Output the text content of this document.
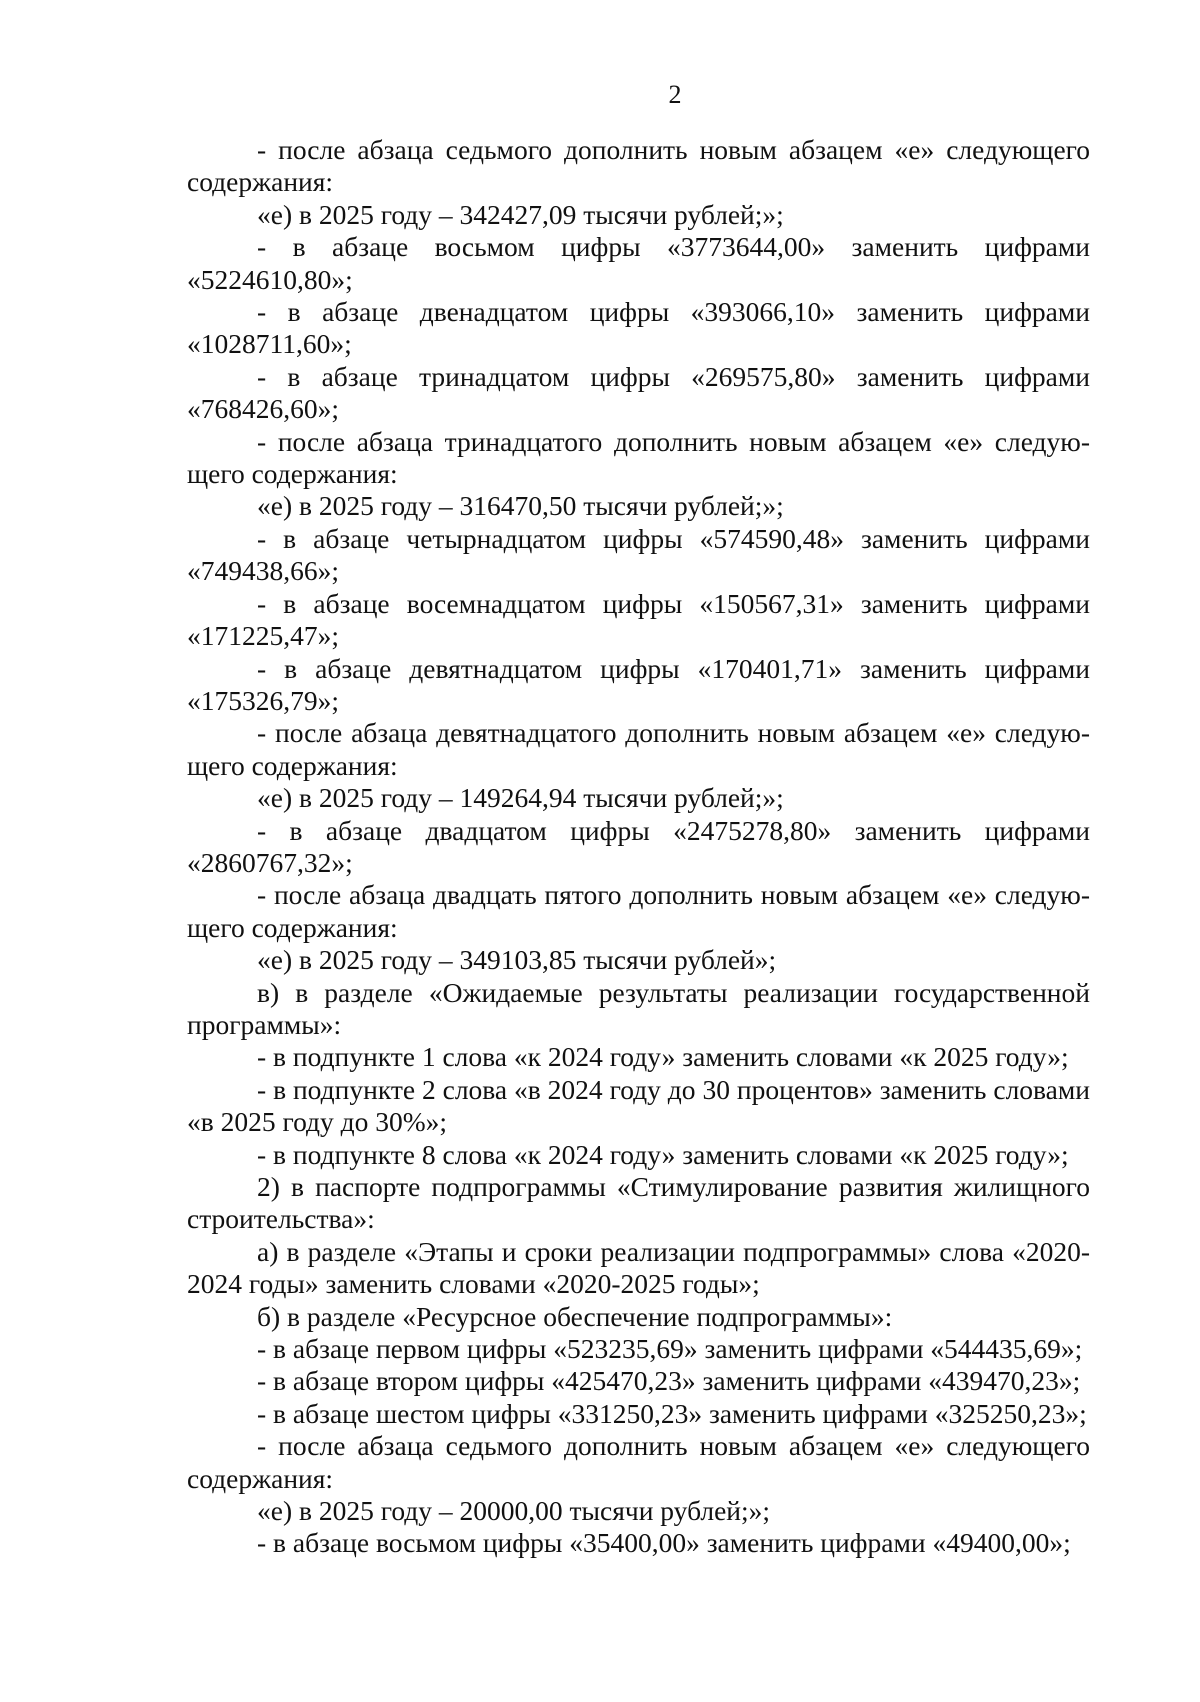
2

- после абзаца седьмого дополнить новым абзацем «е» следующего содержания:

«е) в 2025 году – 342427,09 тысячи рублей;»;

- в абзаце восьмом цифры «3773644,00» заменить цифрами «5224610,80»;

- в абзаце двенадцатом цифры «393066,10» заменить цифрами «1028711,60»;

- в абзаце тринадцатом цифры «269575,80» заменить цифрами «768426,60»;

- после абзаца тринадцатого дополнить новым абзацем «е» следующего содержания:

«е) в 2025 году – 316470,50 тысячи рублей;»;

- в абзаце четырнадцатом цифры «574590,48» заменить цифрами «749438,66»;

- в абзаце восемнадцатом цифры «150567,31» заменить цифрами «171225,47»;

- в абзаце девятнадцатом цифры «170401,71» заменить цифрами «175326,79»;

- после абзаца девятнадцатого дополнить новым абзацем «е» следующего содержания:

«е) в 2025 году – 149264,94 тысячи рублей;»;

- в абзаце двадцатом цифры «2475278,80» заменить цифрами «2860767,32»;

- после абзаца двадцать пятого дополнить новым абзацем «е» следующего содержания:

«е) в 2025 году – 349103,85 тысячи рублей»;

в) в разделе «Ожидаемые результаты реализации государственной программы»:

- в подпункте 1 слова «к 2024 году» заменить словами «к 2025 году»;

- в подпункте 2 слова «в 2024 году до 30 процентов» заменить словами «в 2025 году до 30%»;

- в подпункте 8 слова «к 2024 году» заменить словами «к 2025 году»;

2) в паспорте подпрограммы «Стимулирование развития жилищного строительства»:

а) в разделе «Этапы и сроки реализации подпрограммы» слова «2020-2024 годы» заменить словами «2020-2025 годы»;

б) в разделе «Ресурсное обеспечение подпрограммы»:

- в абзаце первом цифры «523235,69» заменить цифрами «544435,69»;

- в абзаце втором цифры «425470,23» заменить цифрами «439470,23»;

- в абзаце шестом цифры «331250,23» заменить цифрами «325250,23»;

- после абзаца седьмого дополнить новым абзацем «е» следующего содержания:

«е) в 2025 году – 20000,00 тысячи рублей;»;

- в абзаце восьмом цифры «35400,00» заменить цифрами «49400,00»;
